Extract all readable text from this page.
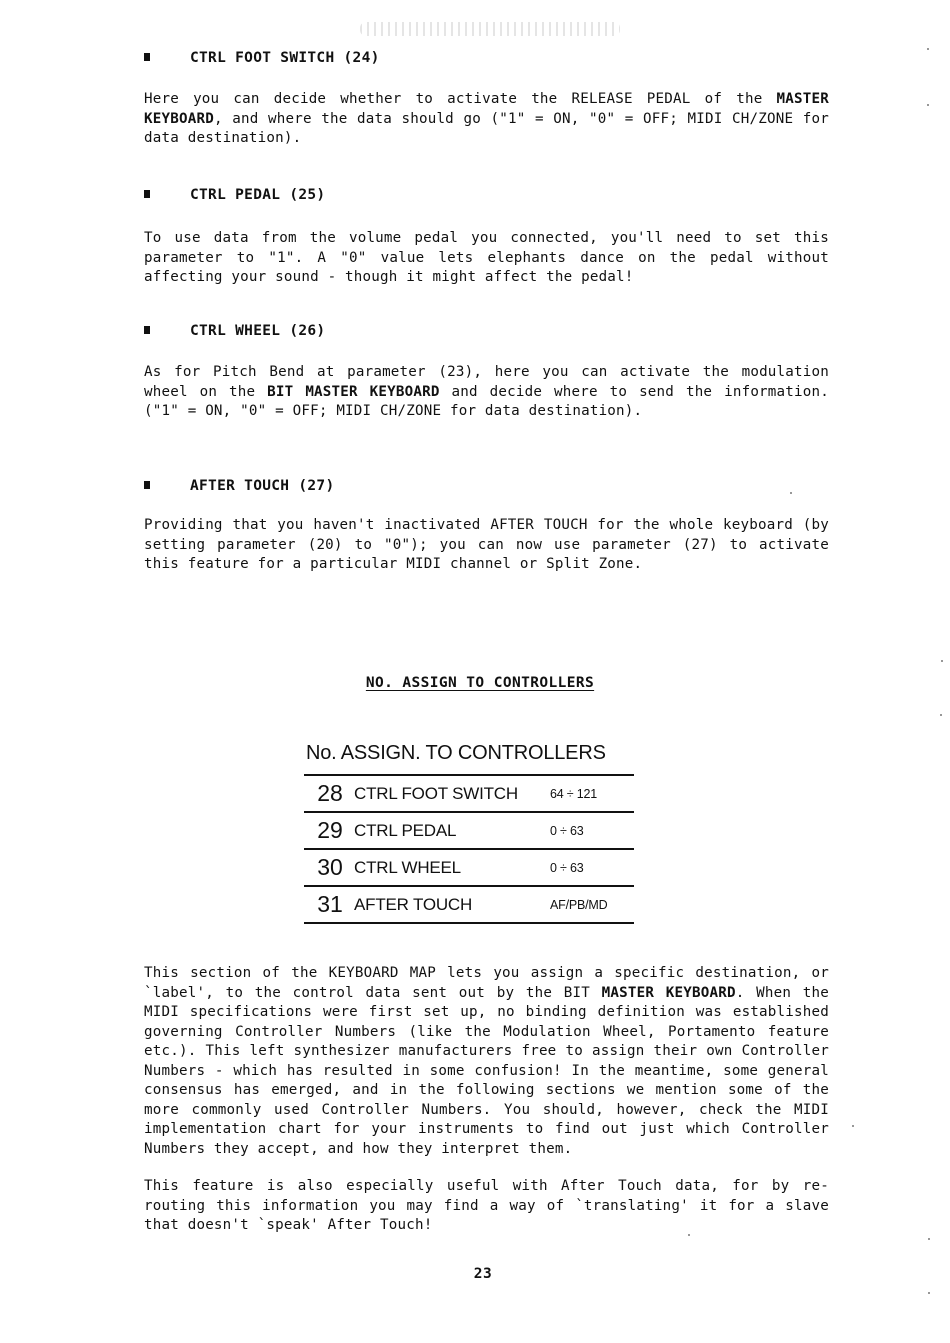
CTRL FOOT SWITCH (24)

Here you can decide whether to activate the RELEASE PEDAL of the MASTER KEYBOARD, and where the data should go ("1" = ON, "0" = OFF; MIDI CH/ZONE for data destination).

CTRL PEDAL (25)

To use data from the volume pedal you connected, you'll need to set this parameter to "1". A "0" value lets elephants dance on the pedal without affecting your sound - though it might affect the pedal!

CTRL WHEEL (26)

As for Pitch Bend at parameter (23), here you can activate the modulation wheel on the BIT MASTER KEYBOARD and decide where to send the information. ("1" = ON, "0" = OFF; MIDI CH/ZONE for data destination).

AFTER TOUCH (27)

Providing that you haven't inactivated AFTER TOUCH for the whole keyboard (by setting parameter (20) to "0"); you can now use parameter (27) to activate this feature for a particular MIDI channel or Split Zone.

NO. ASSIGN TO CONTROLLERS
No. ASSIGN. TO CONTROLLERS
28 CTRL FOOT SWITCH	64 ÷ 121
29 CTRL PEDAL	0 ÷ 63
30 CTRL WHEEL	0 ÷ 63
31 AFTER TOUCH	AF/PB/MD

This section of the KEYBOARD MAP lets you assign a specific destination, or `label', to the control data sent out by the BIT MASTER KEYBOARD. When the MIDI specifications were first set up, no binding definition was established governing Controller Numbers (like the Modulation Wheel, Portamento feature etc.). This left synthesizer manufacturers free to assign their own Controller Numbers - which has resulted in some confusion! In the meantime, some general consensus has emerged, and in the following sections we mention some of the more commonly used Controller Numbers. You should, however, check the MIDI implementation chart for your instruments to find out just which Controller Numbers they accept, and how they interpret them.

This feature is also especially useful with After Touch data, for by re-routing this information you may find a way of `translating' it for a slave that doesn't `speak' After Touch!

23
